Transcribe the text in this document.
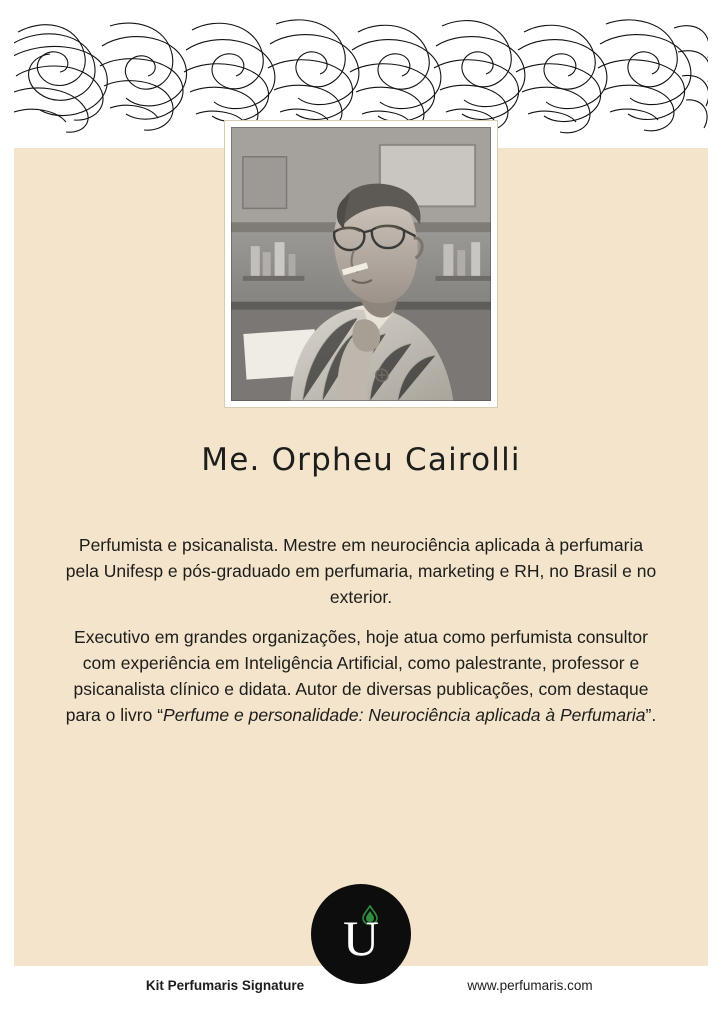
Me. Orpheu Cairolli

Perfumista e psicanalista. Mestre em neurociência aplicada à perfumaria pela Unifesp e pós-graduado em perfumaria, marketing e RH, no Brasil e no exterior.

Executivo em grandes organizações, hoje atua como perfumista consultor com experiência em Inteligência Artificial, como palestrante, professor e psicanalista clínico e didata. Autor de diversas publicações, com destaque para o livro “Perfume e personalidade: Neurociência aplicada à Perfumaria”.

U
Kit Perfumaris Signature	www.perfumaris.com
